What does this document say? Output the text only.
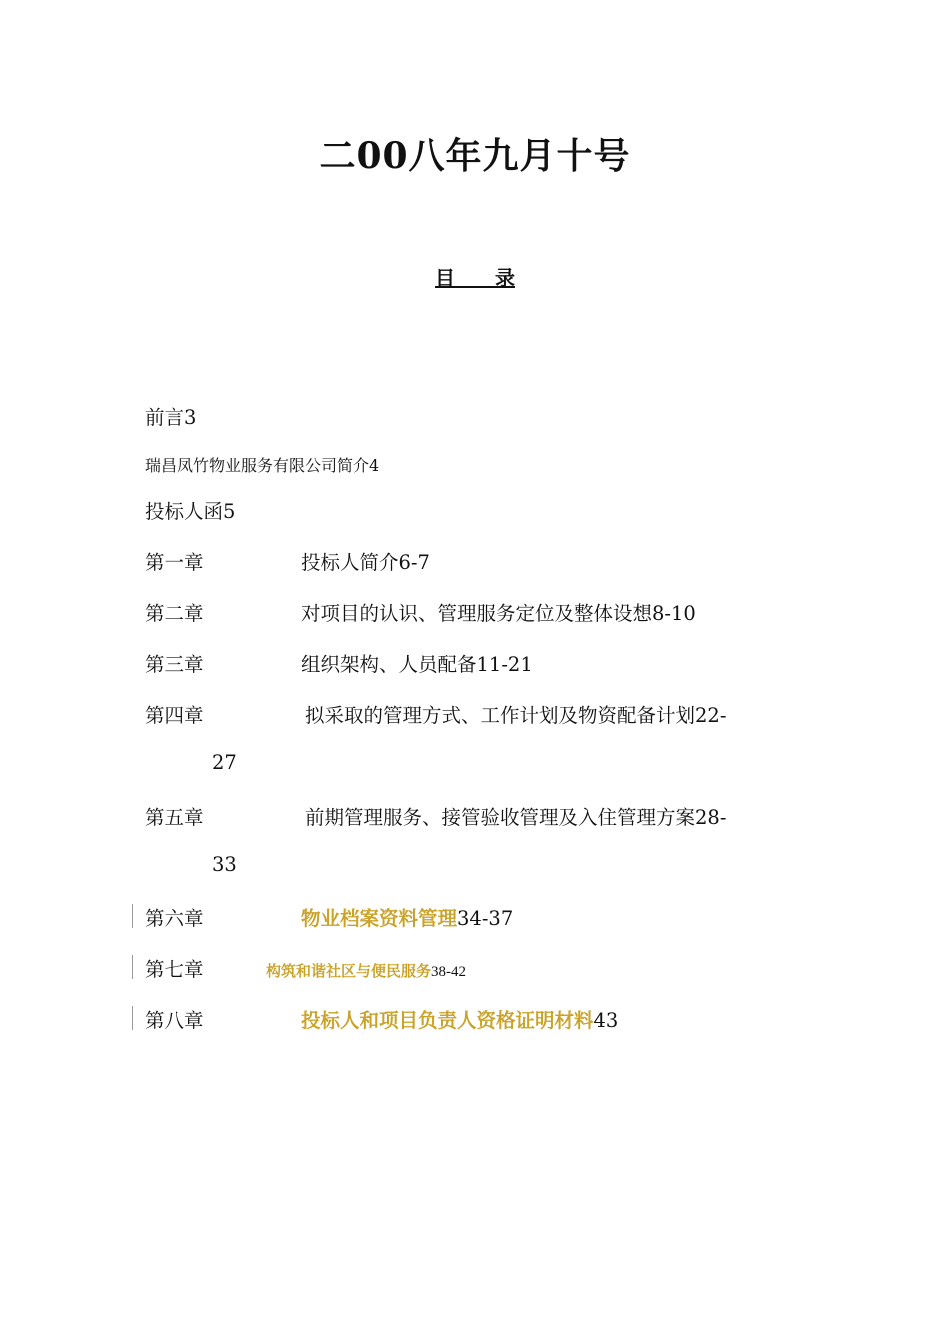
二00八年九月十号
目　　录
前言3
瑞昌凤竹物业服务有限公司简介4
投标人函5
第一章	投标人简介6-7
第二章	对项目的认识、管理服务定位及整体设想8-10
第三章	组织架构、人员配备11-21
第四章	拟采取的管理方式、工作计划及物资配备计划22-
27
第五章	前期管理服务、接管验收管理及入住管理方案28-
33
第六章	物业档案资料管理34-37
第七章	构筑和谐社区与便民服务38-42
第八章	投标人和项目负责人资格证明材料43
